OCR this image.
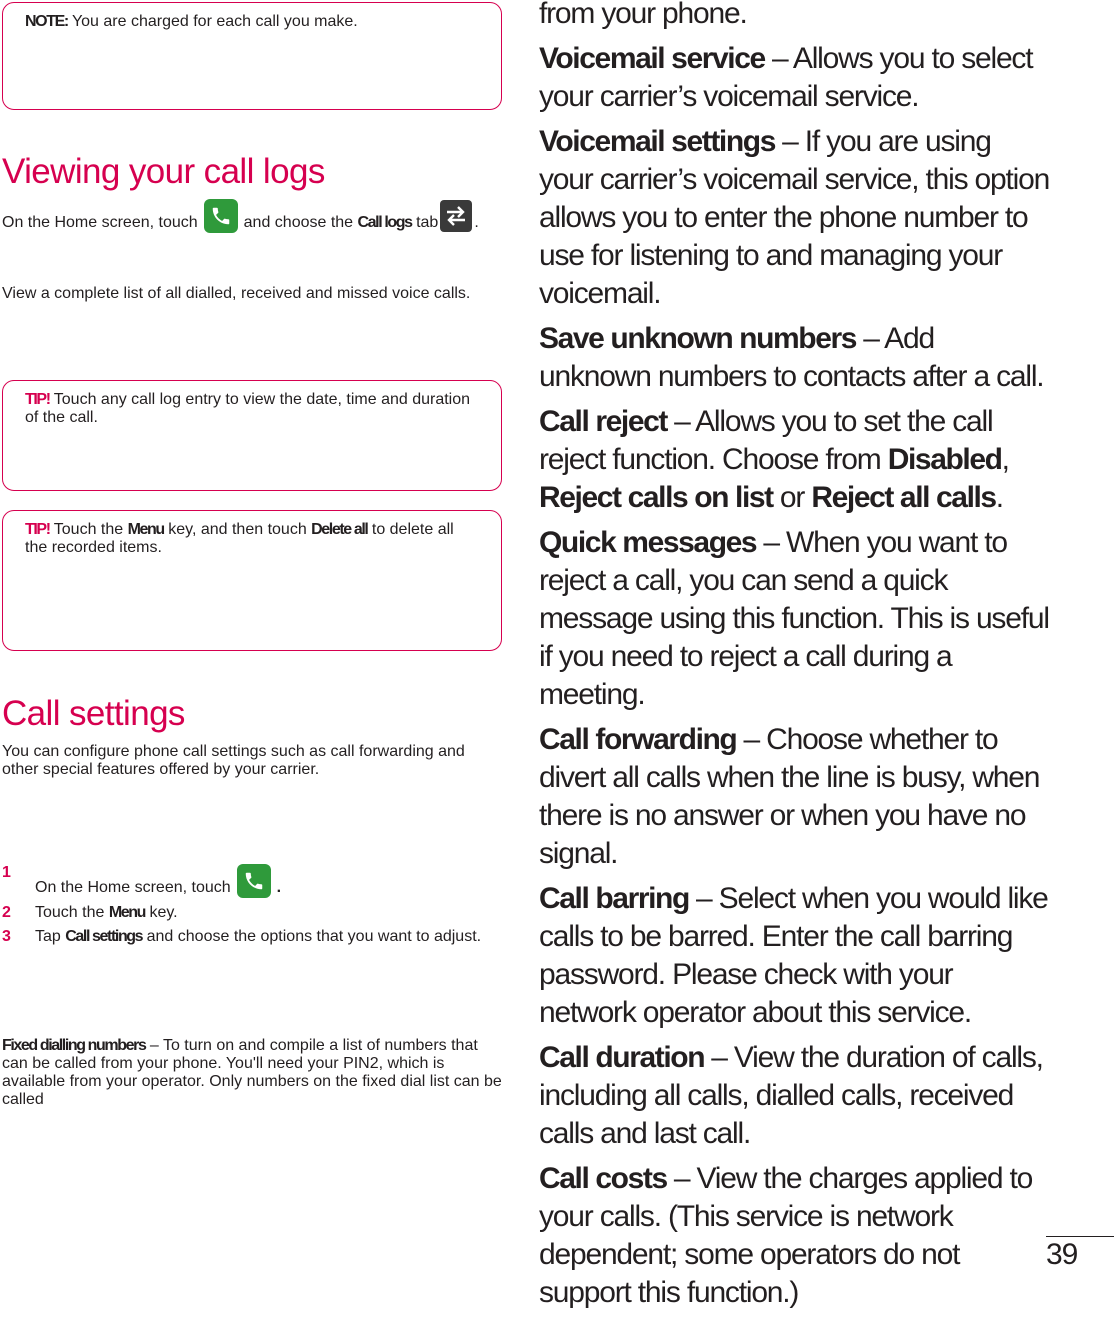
NOTE: You are charged for each call you make.

Viewing your call logs
On the Home screen, touch	and choose the Call logs tab .
View a complete list of all dialled, received and missed voice calls.

TIP! Touch any call log entry to view the date, time and duration of the call.

TIP! Touch the Menu key, and then touch Delete all to delete all the recorded items.

Call settings
You can configure phone call settings such as call forwarding and other special features offered by your carrier.
1
On the Home screen, touch	.
2	Touch the Menu key.
3	Tap Call settings and choose the options that you want to adjust.
Fixed dialling numbers – To turn on and compile a list of numbers that can be called from your phone. You'll need your PIN2, which is available from your operator. Only numbers on the fixed dial list can be called

from your phone.

Voicemail service – Allows you to select your carrier’s voicemail service.

Voicemail settings – If you are using your carrier’s voicemail service, this option allows you to enter the phone number to use for listening to and managing your voicemail.

Save unknown numbers – Add unknown numbers to contacts after a call.

Call reject – Allows you to set the call reject function. Choose from Disabled, Reject calls on list or Reject all calls.

Quick messages – When you want to reject a call, you can send a quick message using this function. This is useful if you need to reject a call during a meeting.

Call forwarding – Choose whether to divert all calls when the line is busy, when there is no answer or when you have no signal.

Call barring – Select when you would like calls to be barred. Enter the call barring password. Please check with your network operator about this service.

Call duration – View the duration of calls, including all calls, dialled calls, received calls and last call.

Call costs – View the charges applied to your calls. (This service is network dependent; some operators do not support this function.)

39
